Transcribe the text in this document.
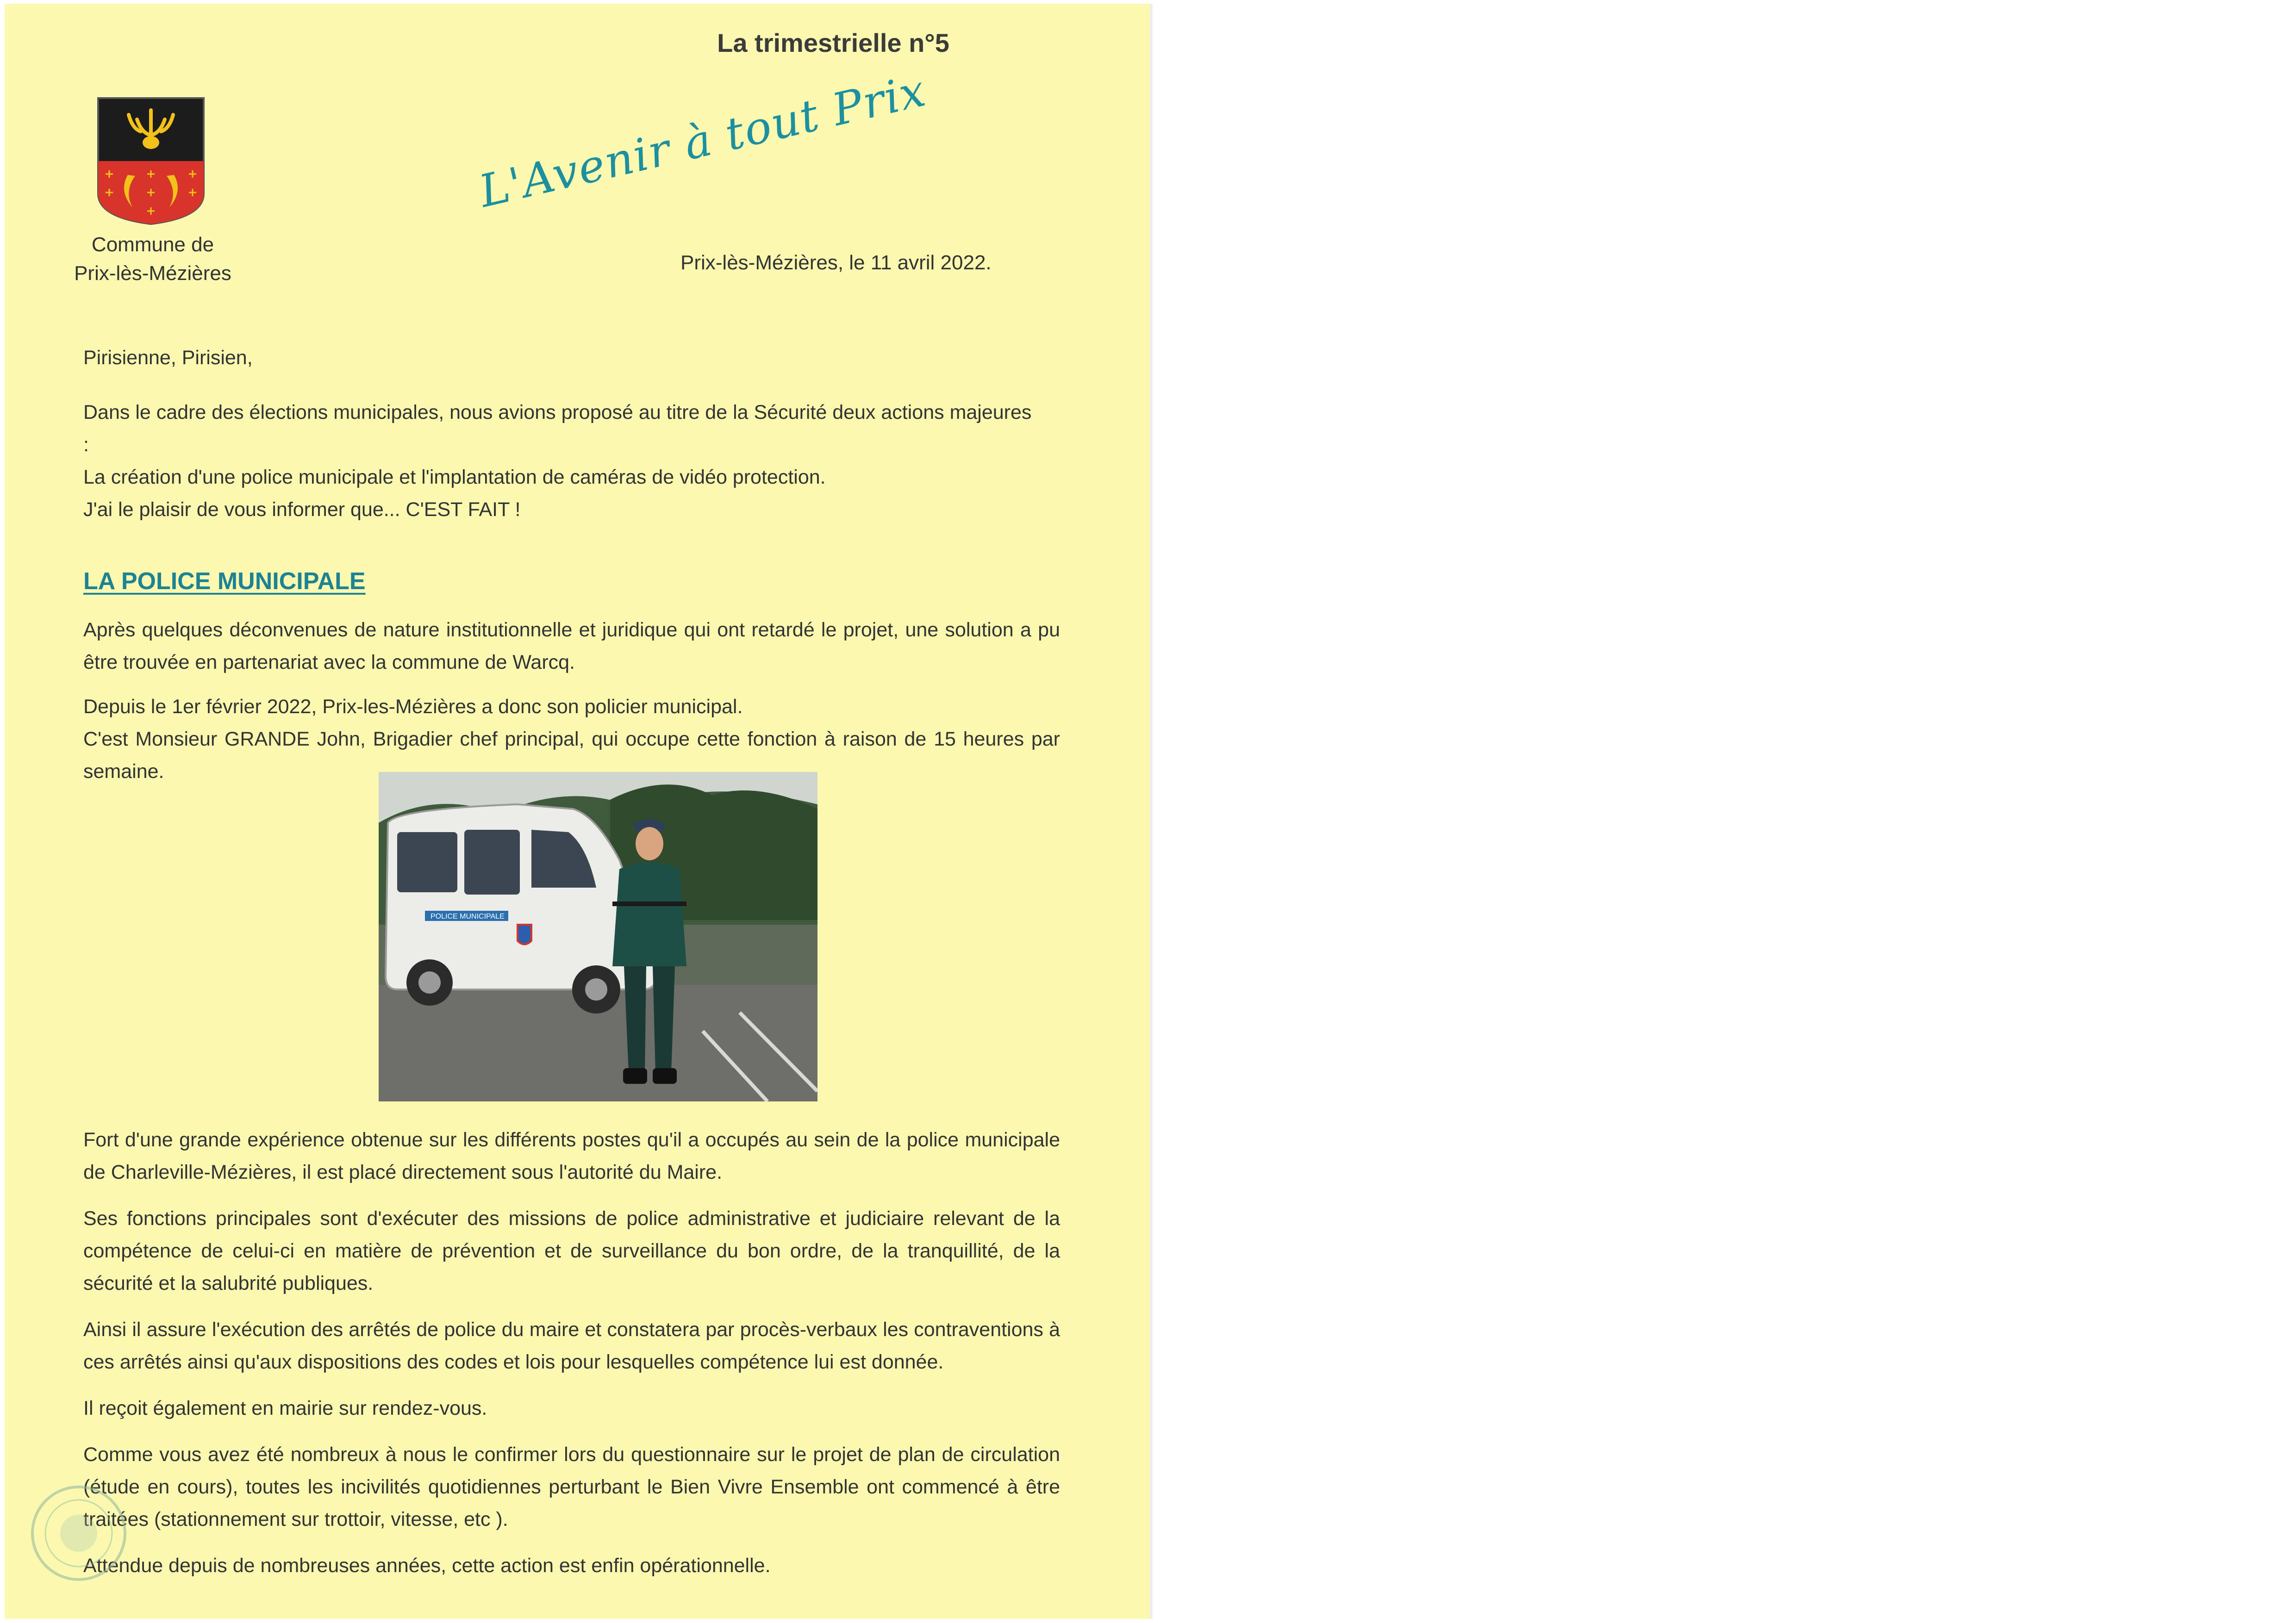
La trimestrielle n°5
Commune de
Prix-lès-Mézières
L'Avenir à tout Prix
Prix-lès-Mézières, le 11 avril 2022.

Pirisienne, Pirisien,

Dans le cadre des élections municipales, nous avions proposé au titre de la Sécurité deux actions majeures :

La création d'une police municipale et l'implantation de caméras de vidéo protection.

J'ai le plaisir de vous informer que... C'EST FAIT !

LA POLICE MUNICIPALE

Après quelques déconvenues de nature institutionnelle et juridique qui ont retardé le projet, une solution a pu être trouvée en partenariat avec la commune de Warcq.

Depuis le 1er février 2022, Prix-les-Mézières a donc son policier municipal.

C'est Monsieur GRANDE John, Brigadier chef principal, qui occupe cette fonction à raison de 15 heures par semaine.

POLICE MUNICIPALE

Fort d'une grande expérience obtenue sur les différents postes qu'il a occupés au sein de la police municipale de Charleville-Mézières, il est placé directement sous l'autorité du Maire.

Ses fonctions principales sont d'exécuter des missions de police administrative et judiciaire relevant de la compétence de celui-ci en matière de prévention et de surveillance du bon ordre, de la tranquillité, de la sécurité et la salubrité publiques.

Ainsi il assure l'exécution des arrêtés de police du maire et constatera par procès-verbaux les contraventions à ces arrêtés ainsi qu'aux dispositions des codes et lois pour lesquelles compétence lui est donnée.

Il reçoit également en mairie sur rendez-vous.

Comme vous avez été nombreux à nous le confirmer lors du questionnaire sur le projet de plan de circulation (étude en cours), toutes les incivilités quotidiennes perturbant le Bien Vivre Ensemble ont commencé à être traitées (stationnement sur trottoir, vitesse, etc ).

Attendue depuis de nombreuses années, cette action est enfin opérationnelle.
